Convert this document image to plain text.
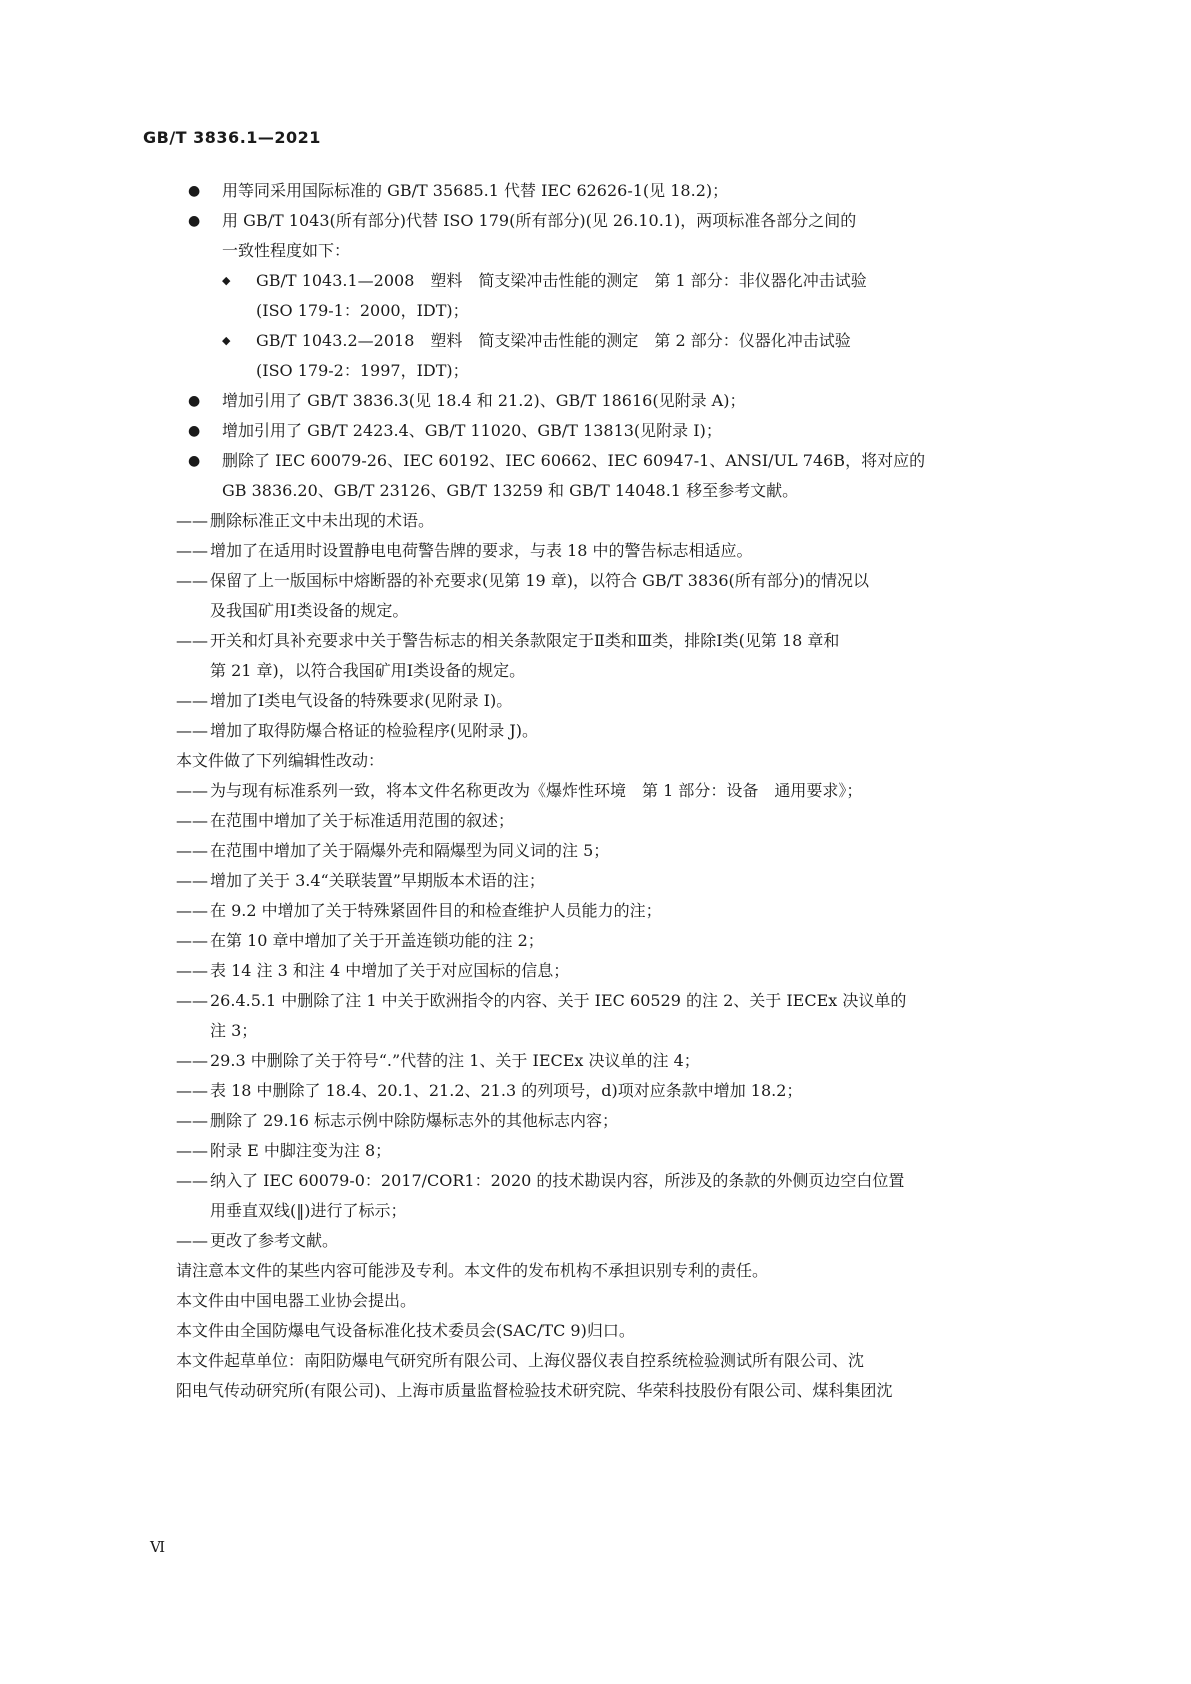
GB/T 3836.1—2021

●	用等同采用国际标准的 GB/T 35685.1 代替 IEC 62626-1(见 18.2)；

●	用 GB/T 1043(所有部分)代替 ISO 179(所有部分)(见 26.10.1)，两项标准各部分之间的

一致性程度如下：

◆	GB/T 1043.1—2008　塑料　简支梁冲击性能的测定　第 1 部分：非仪器化冲击试验

(ISO 179-1：2000，IDT)；

◆	GB/T 1043.2—2018　塑料　简支梁冲击性能的测定　第 2 部分：仪器化冲击试验

(ISO 179-2：1997，IDT)；

●	增加引用了 GB/T 3836.3(见 18.4 和 21.2)、GB/T 18616(见附录 A)；

●	增加引用了 GB/T 2423.4、GB/T 11020、GB/T 13813(见附录 I)；

●	删除了 IEC 60079-26、IEC 60192、IEC 60662、IEC 60947-1、ANSI/UL 746B，将对应的

GB 3836.20、GB/T 23126、GB/T 13259 和 GB/T 14048.1 移至参考文献。

—— 删除标准正文中未出现的术语。

—— 增加了在适用时设置静电电荷警告牌的要求，与表 18 中的警告标志相适应。

—— 保留了上一版国标中熔断器的补充要求(见第 19 章)，以符合 GB/T 3836(所有部分)的情况以

及我国矿用Ⅰ类设备的规定。

—— 开关和灯具补充要求中关于警告标志的相关条款限定于Ⅱ类和Ⅲ类，排除Ⅰ类(见第 18 章和

第 21 章)，以符合我国矿用Ⅰ类设备的规定。

—— 增加了Ⅰ类电气设备的特殊要求(见附录 I)。

—— 增加了取得防爆合格证的检验程序(见附录 J)。

本文件做了下列编辑性改动：

—— 为与现有标准系列一致，将本文件名称更改为《爆炸性环境　第 1 部分：设备　通用要求》；

—— 在范围中增加了关于标准适用范围的叙述；

—— 在范围中增加了关于隔爆外壳和隔爆型为同义词的注 5；

—— 增加了关于 3.4“关联装置”早期版本术语的注；

—— 在 9.2 中增加了关于特殊紧固件目的和检查维护人员能力的注；

—— 在第 10 章中增加了关于开盖连锁功能的注 2；

—— 表 14 注 3 和注 4 中增加了关于对应国标的信息；

—— 26.4.5.1 中删除了注 1 中关于欧洲指令的内容、关于 IEC 60529 的注 2、关于 IECEx 决议单的

注 3；

—— 29.3 中删除了关于符号“.”代替的注 1、关于 IECEx 决议单的注 4；

—— 表 18 中删除了 18.4、20.1、21.2、21.3 的列项号，d)项对应条款中增加 18.2；

—— 删除了 29.16 标志示例中除防爆标志外的其他标志内容；

—— 附录 E 中脚注变为注 8；

—— 纳入了 IEC 60079-0：2017/COR1：2020 的技术勘误内容，所涉及的条款的外侧页边空白位置

用垂直双线(‖)进行了标示；

—— 更改了参考文献。

请注意本文件的某些内容可能涉及专利。本文件的发布机构不承担识别专利的责任。

本文件由中国电器工业协会提出。

本文件由全国防爆电气设备标准化技术委员会(SAC/TC 9)归口。

本文件起草单位：南阳防爆电气研究所有限公司、上海仪器仪表自控系统检验测试所有限公司、沈

阳电气传动研究所(有限公司)、上海市质量监督检验技术研究院、华荣科技股份有限公司、煤科集团沈

Ⅵ
